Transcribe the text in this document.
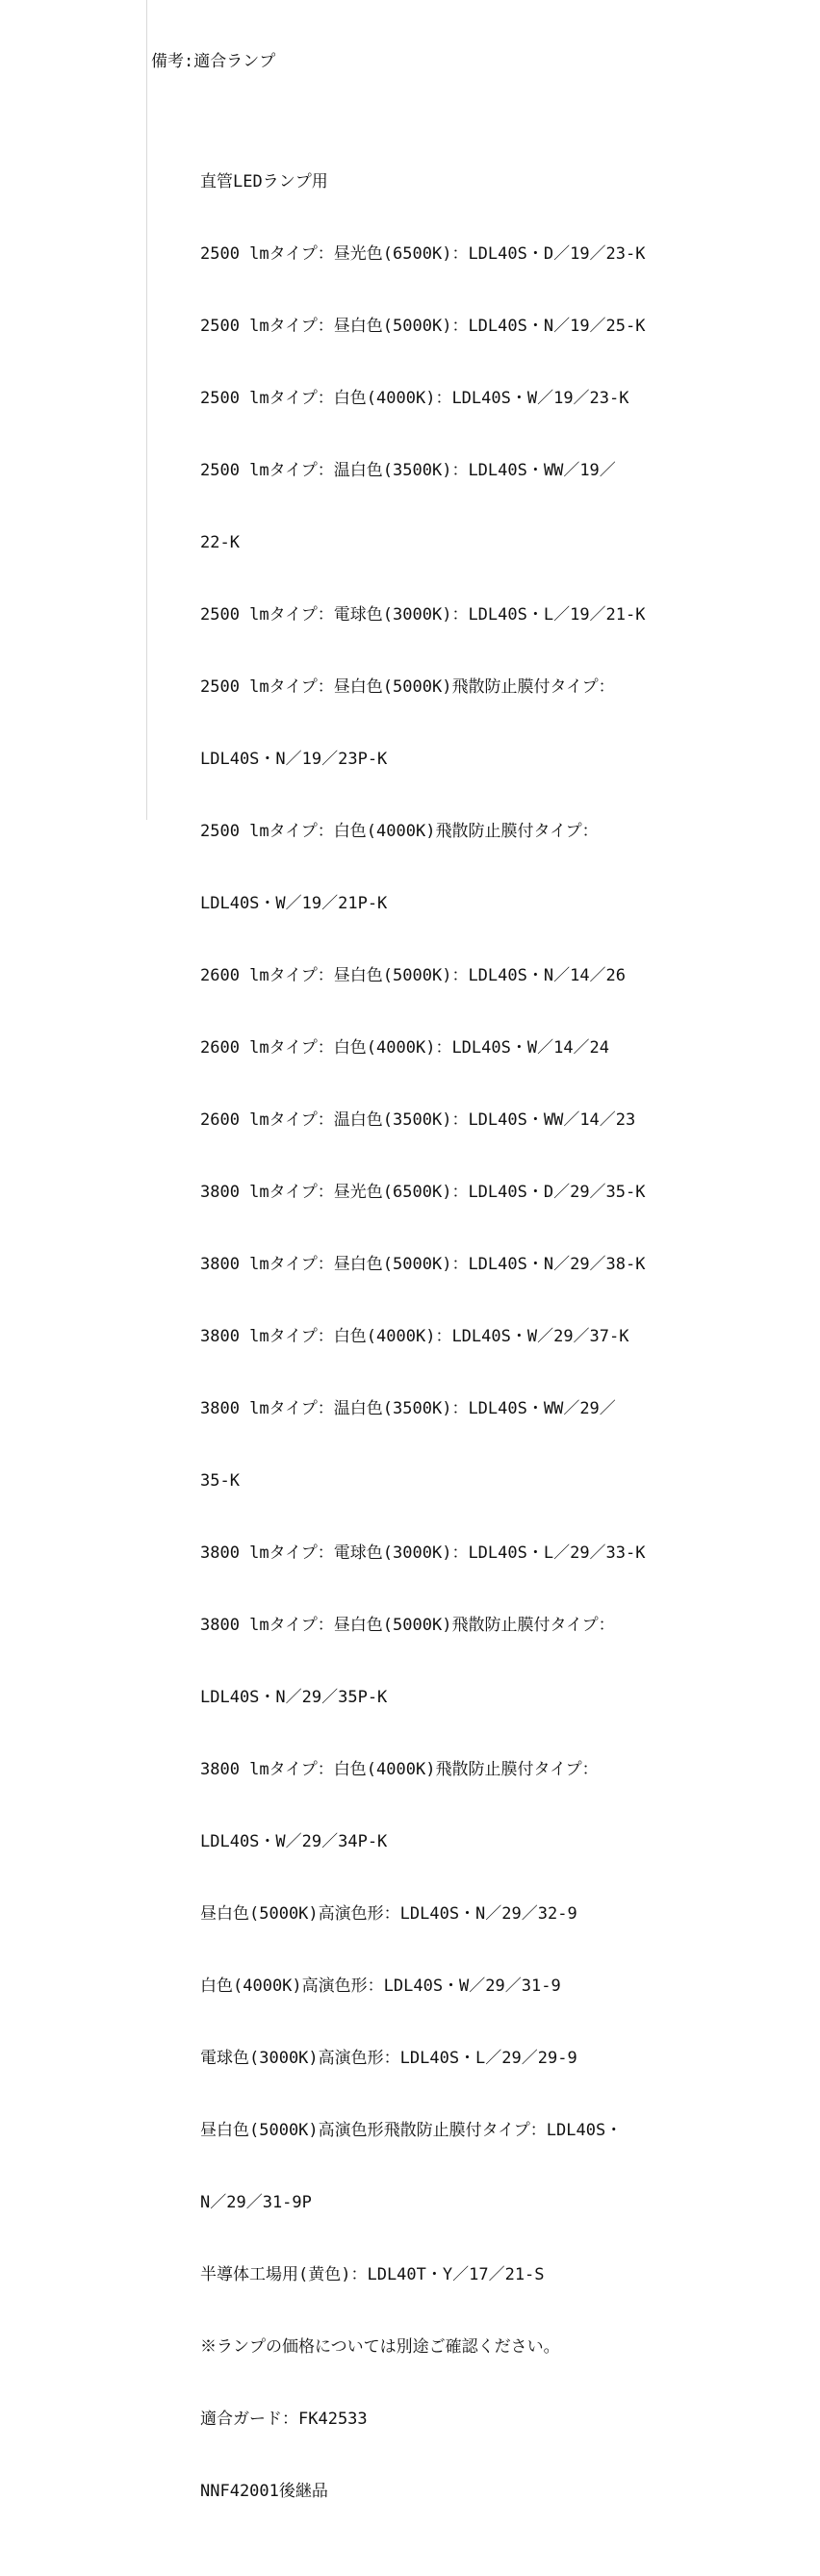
備考:適合ランプ

直管LEDランプ用

2500 lmタイプ：昼光色(6500K)：LDL40S・D／19／23-K

2500 lmタイプ：昼白色(5000K)：LDL40S・N／19／25-K

2500 lmタイプ：白色(4000K)：LDL40S・W／19／23-K

2500 lmタイプ：温白色(3500K)：LDL40S・WW／19／

22-K

2500 lmタイプ：電球色(3000K)：LDL40S・L／19／21-K

2500 lmタイプ：昼白色(5000K)飛散防止膜付タイプ：

LDL40S・N／19／23P-K

2500 lmタイプ：白色(4000K)飛散防止膜付タイプ：

LDL40S・W／19／21P-K

2600 lmタイプ：昼白色(5000K)：LDL40S・N／14／26

2600 lmタイプ：白色(4000K)：LDL40S・W／14／24

2600 lmタイプ：温白色(3500K)：LDL40S・WW／14／23

3800 lmタイプ：昼光色(6500K)：LDL40S・D／29／35-K

3800 lmタイプ：昼白色(5000K)：LDL40S・N／29／38-K

3800 lmタイプ：白色(4000K)：LDL40S・W／29／37-K

3800 lmタイプ：温白色(3500K)：LDL40S・WW／29／

35-K

3800 lmタイプ：電球色(3000K)：LDL40S・L／29／33-K

3800 lmタイプ：昼白色(5000K)飛散防止膜付タイプ：

LDL40S・N／29／35P-K

3800 lmタイプ：白色(4000K)飛散防止膜付タイプ：

LDL40S・W／29／34P-K

昼白色(5000K)高演色形：LDL40S・N／29／32-9

白色(4000K)高演色形：LDL40S・W／29／31-9

電球色(3000K)高演色形：LDL40S・L／29／29-9

昼白色(5000K)高演色形飛散防止膜付タイプ：LDL40S・

N／29／31-9P

半導体工場用(黄色)：LDL40T・Y／17／21-S

※ランプの価格については別途ご確認ください。

適合ガード：FK42533

NNF42001後継品
